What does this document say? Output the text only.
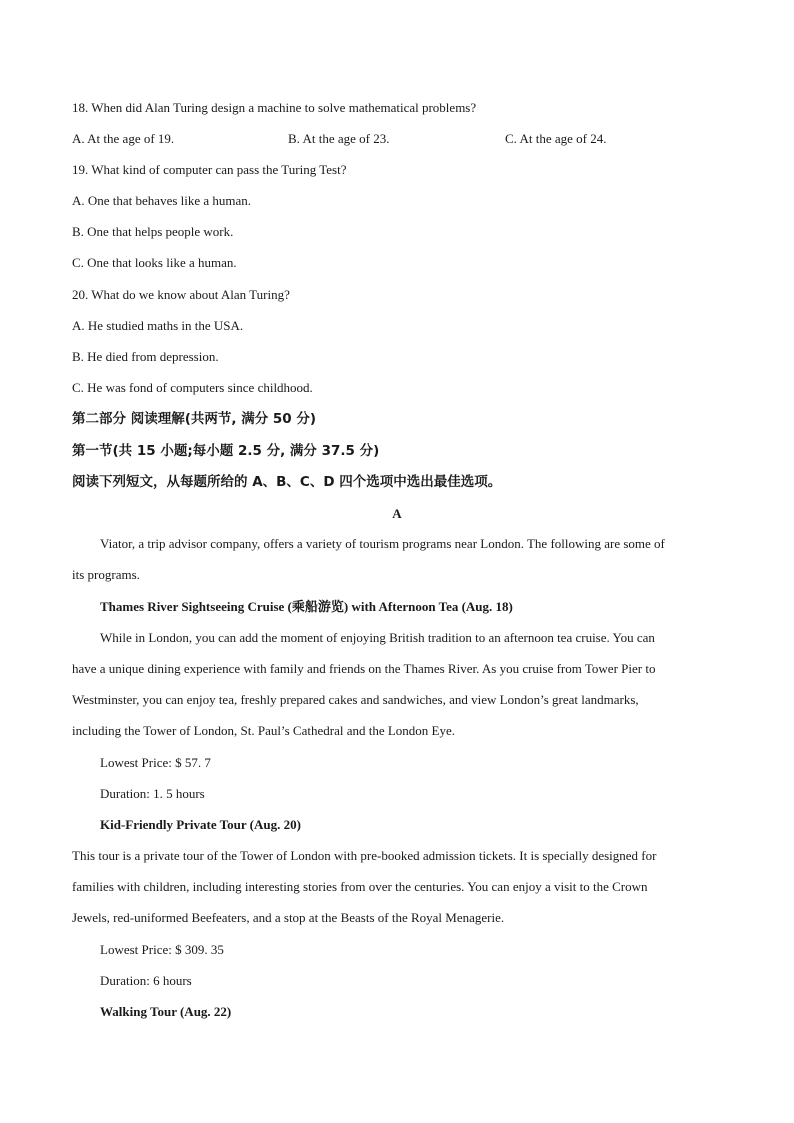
18. When did Alan Turing design a machine to solve mathematical problems?
A. At the age of 19.	B. At the age of 23.	C. At the age of 24.
19. What kind of computer can pass the Turing Test?
A. One that behaves like a human.
B. One that helps people work.
C. One that looks like a human.
20. What do we know about Alan Turing?
A. He studied maths in the USA.
B. He died from depression.
C. He was fond of computers since childhood.
第二部分 阅读理解(共两节, 满分 50 分)
第一节(共 15 小题;每小题 2.5 分, 满分 37.5 分)
阅读下列短文，从每题所给的 A、B、C、D 四个选项中选出最佳选项。
A
Viator, a trip advisor company, offers a variety of tourism programs near London. The following are some of
its programs.
Thames River Sightseeing Cruise (乘船游览) with Afternoon Tea (Aug. 18)
While in London, you can add the moment of enjoying British tradition to an afternoon tea cruise. You can
have a unique dining experience with family and friends on the Thames River. As you cruise from Tower Pier to
Westminster, you can enjoy tea, freshly prepared cakes and sandwiches, and view London’s great landmarks,
including the Tower of London, St. Paul’s Cathedral and the London Eye.
Lowest Price: $ 57. 7
Duration: 1. 5 hours
Kid-Friendly Private Tour (Aug. 20)
This tour is a private tour of the Tower of London with pre-booked admission tickets. It is specially designed for
families with children, including interesting stories from over the centuries. You can enjoy a visit to the Crown
Jewels, red-uniformed Beefeaters, and a stop at the Beasts of the Royal Menagerie.
Lowest Price: $ 309. 35
Duration: 6 hours
Walking Tour (Aug. 22)
